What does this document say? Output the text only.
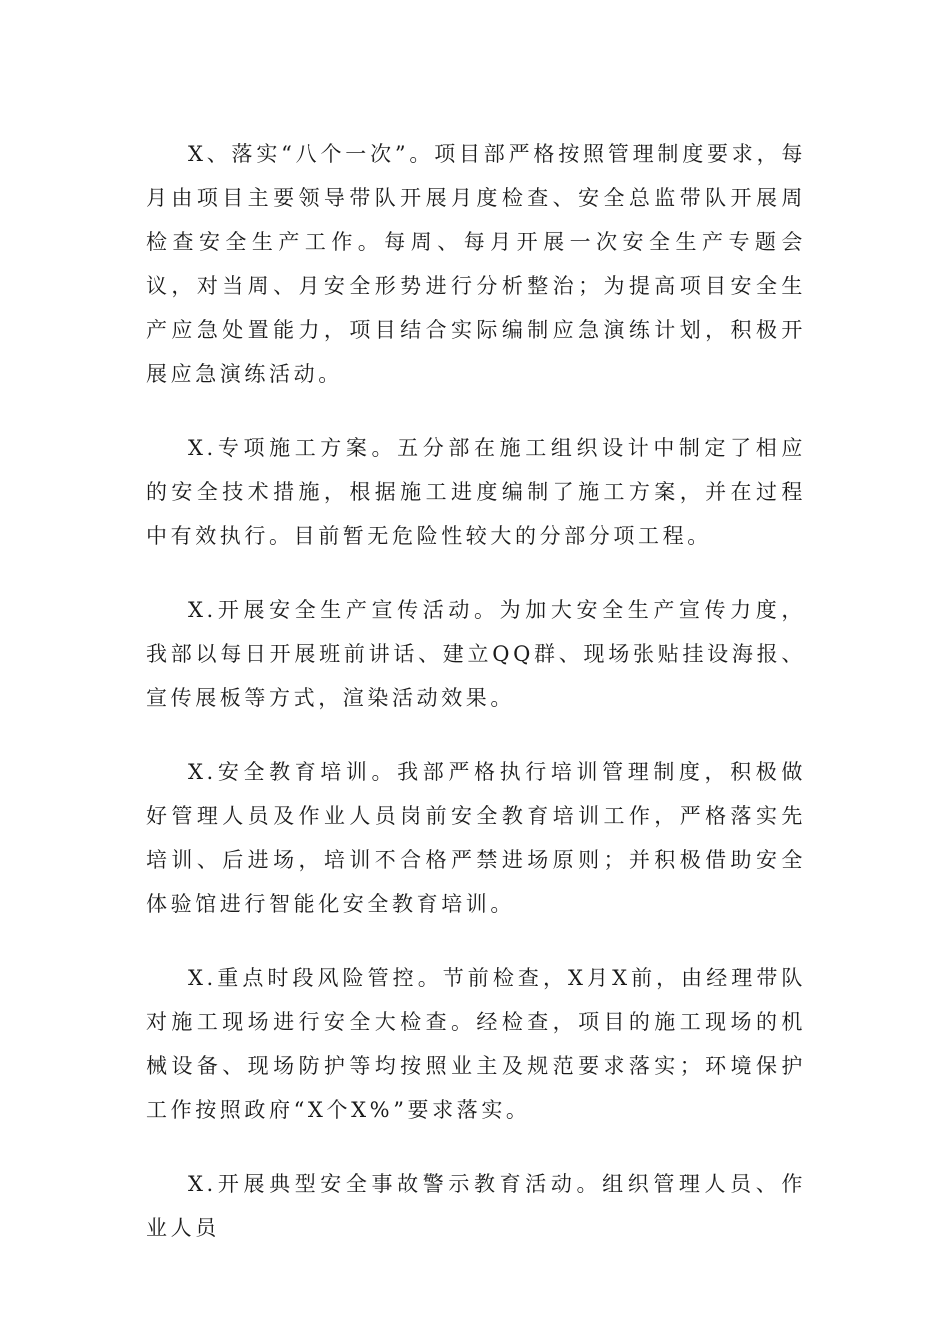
X、落实“八个一次”。项目部严格按照管理制度要求，每月由项目主要领导带队开展月度检查、安全总监带队开展周检查安全生产工作。每周、每月开展一次安全生产专题会议，对当周、月安全形势进行分析整治；为提高项目安全生产应急处置能力，项目结合实际编制应急演练计划，积极开展应急演练活动。

X.专项施工方案。五分部在施工组织设计中制定了相应的安全技术措施，根据施工进度编制了施工方案，并在过程中有效执行。目前暂无危险性较大的分部分项工程。

X.开展安全生产宣传活动。为加大安全生产宣传力度，我部以每日开展班前讲话、建立QQ群、现场张贴挂设海报、宣传展板等方式，渲染活动效果。

X.安全教育培训。我部严格执行培训管理制度，积极做好管理人员及作业人员岗前安全教育培训工作，严格落实先培训、后进场，培训不合格严禁进场原则；并积极借助安全体验馆进行智能化安全教育培训。

X.重点时段风险管控。节前检查，X月X前，由经理带队对施工现场进行安全大检查。经检查，项目的施工现场的机械设备、现场防护等均按照业主及规范要求落实；环境保护工作按照政府“X个X%”要求落实。

X.开展典型安全事故警示教育活动。组织管理人员、作业人员
